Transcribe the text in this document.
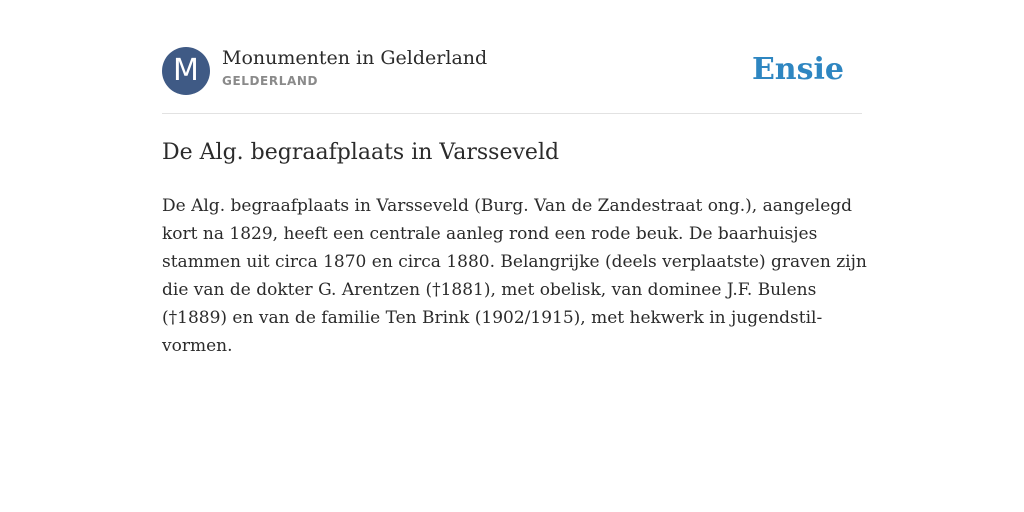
M	Monumenten in Gelderland
GELDERLAND	Ensie
De Alg. begraafplaats in Varsseveld
De Alg. begraafplaats in Varsseveld (Burg. Van de Zandestraat ong.), aangelegd
kort na 1829, heeft een centrale aanleg rond een rode beuk. De baarhuisjes
stammen uit circa 1870 en circa 1880. Belangrijke (deels verplaatste) graven zijn
die van de dokter G. Arentzen (†1881), met obelisk, van dominee J.F. Bulens
(†1889) en van de familie Ten Brink (1902/1915), met hekwerk in jugendstil-
vormen.
